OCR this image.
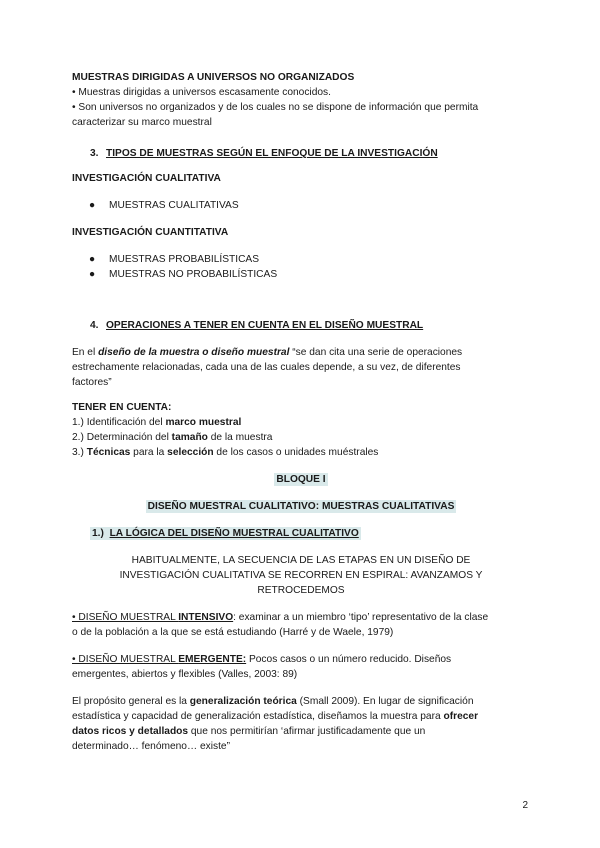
MUESTRAS DIRIGIDAS A UNIVERSOS NO ORGANIZADOS
• Muestras dirigidas a universos escasamente conocidos.
• Son universos no organizados y de los cuales no se dispone de información que permita
caracterizar su marco muestral
3. TIPOS DE MUESTRAS SEGÚN EL ENFOQUE DE LA INVESTIGACIÓN
INVESTIGACIÓN CUALITATIVA
● MUESTRAS CUALITATIVAS
INVESTIGACIÓN CUANTITATIVA
● MUESTRAS PROBABILÍSTICAS
● MUESTRAS NO PROBABILÍSTICAS
4. OPERACIONES A TENER EN CUENTA EN EL DISEÑO MUESTRAL
En el diseño de la muestra o diseño muestral “se dan cita una serie de operaciones
estrechamente relacionadas, cada una de las cuales depende, a su vez, de diferentes
factores”
TENER EN CUENTA:
1.) Identificación del marco muestral
2.) Determinación del tamaño de la muestra
3.) Técnicas para la selección de los casos o unidades muéstrales
BLOQUE I
DISEÑO MUESTRAL CUALITATIVO: MUESTRAS CUALITATIVAS
1.) LA LÓGICA DEL DISEÑO MUESTRAL CUALITATIVO
HABITUALMENTE, LA SECUENCIA DE LAS ETAPAS EN UN DISEÑO DE
INVESTIGACIÓN CUALITATIVA SE RECORREN EN ESPIRAL: AVANZAMOS Y
RETROCEDEMOS
• DISEÑO MUESTRAL INTENSIVO: examinar a un miembro ‘tipo’ representativo de la clase
o de la población a la que se está estudiando (Harré y de Waele, 1979)
• DISEÑO MUESTRAL EMERGENTE: Pocos casos o un número reducido. Diseños
emergentes, abiertos y flexibles (Valles, 2003: 89)
El propósito general es la generalización teórica (Small 2009). En lugar de significación
estadística y capacidad de generalización estadística, diseñamos la muestra para ofrecer
datos ricos y detallados que nos permitirían ‘afirmar justificadamente que un
determinado… fenómeno… existe”
2
